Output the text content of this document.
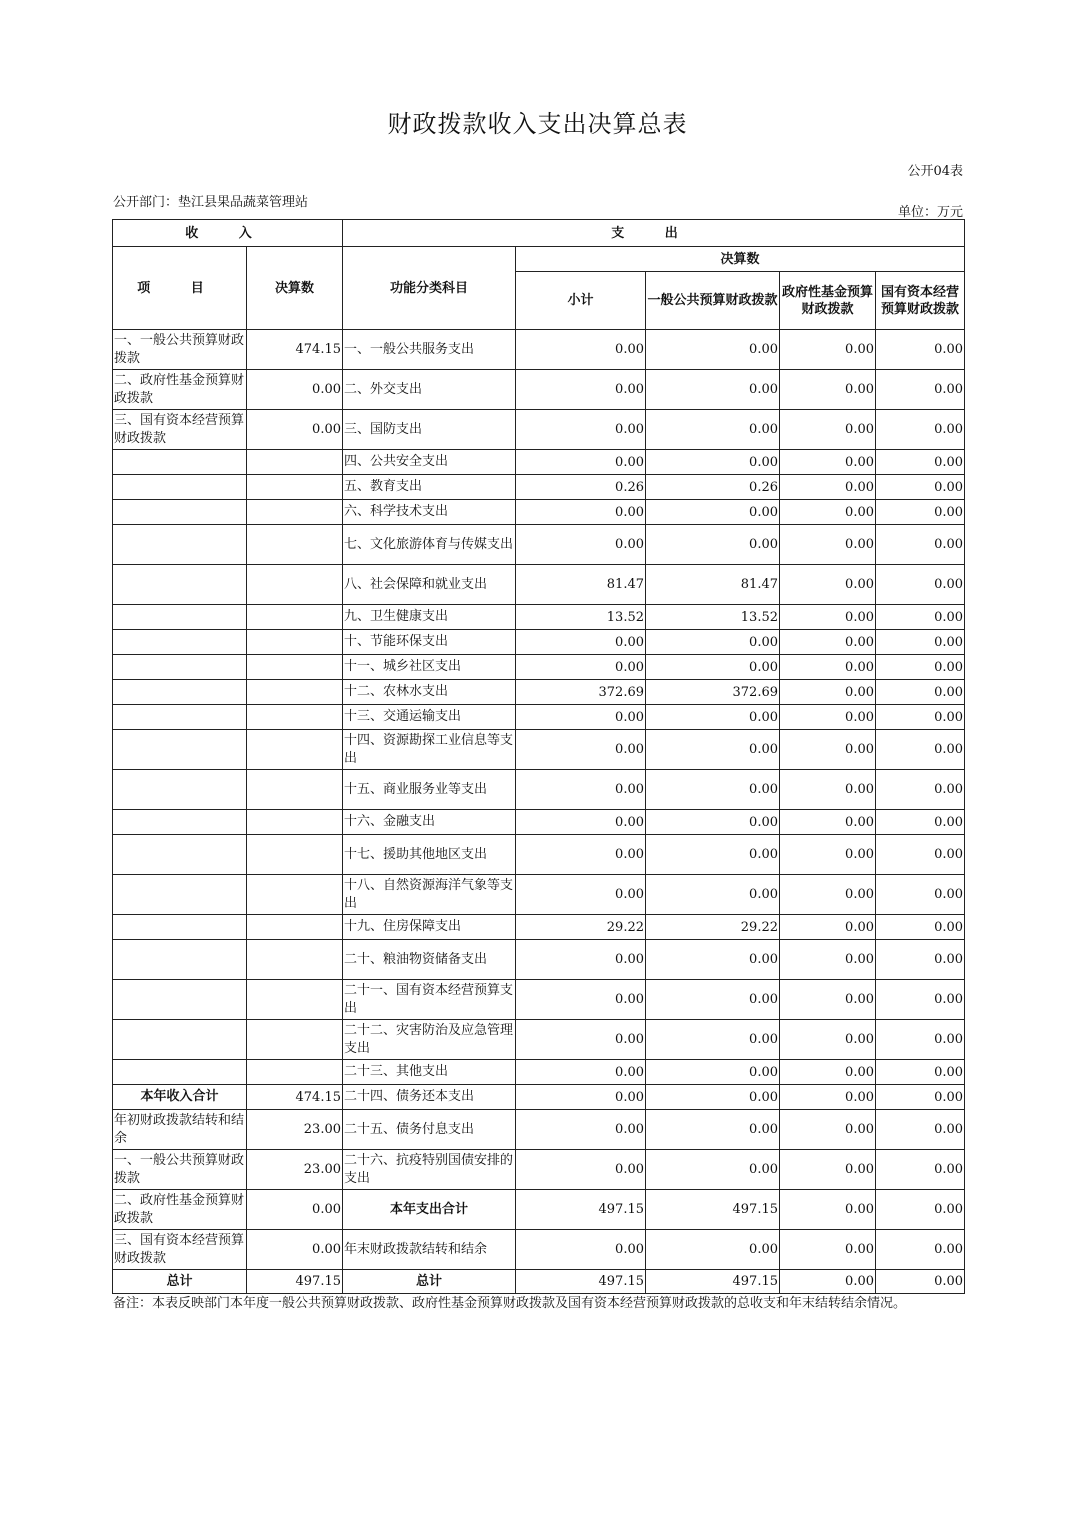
财政拨款收入支出决算总表
公开04表
公开部门：垫江县果品蔬菜管理站
单位：万元
收 入		支 出				
项 目	决算数	功能分类科目	决算数			
			小计	一般公共预算财政拨款	政府性基金预算财政拨款	国有资本经营预算财政拨款
一、一般公共预算财政拨款	474.15	一、一般公共服务支出	0.00	0.00	0.00	0.00
二、政府性基金预算财政拨款	0.00	二、外交支出	0.00	0.00	0.00	0.00
三、国有资本经营预算财政拨款	0.00	三、国防支出	0.00	0.00	0.00	0.00
		四、公共安全支出	0.00	0.00	0.00	0.00
		五、教育支出	0.26	0.26	0.00	0.00
		六、科学技术支出	0.00	0.00	0.00	0.00
		七、文化旅游体育与传媒支出	0.00	0.00	0.00	0.00
		八、社会保障和就业支出	81.47	81.47	0.00	0.00
		九、卫生健康支出	13.52	13.52	0.00	0.00
		十、节能环保支出	0.00	0.00	0.00	0.00
		十一、城乡社区支出	0.00	0.00	0.00	0.00
		十二、农林水支出	372.69	372.69	0.00	0.00
		十三、交通运输支出	0.00	0.00	0.00	0.00
		十四、资源勘探工业信息等支出	0.00	0.00	0.00	0.00
		十五、商业服务业等支出	0.00	0.00	0.00	0.00
		十六、金融支出	0.00	0.00	0.00	0.00
		十七、援助其他地区支出	0.00	0.00	0.00	0.00
		十八、自然资源海洋气象等支出	0.00	0.00	0.00	0.00
		十九、住房保障支出	29.22	29.22	0.00	0.00
		二十、粮油物资储备支出	0.00	0.00	0.00	0.00
		二十一、国有资本经营预算支出	0.00	0.00	0.00	0.00
		二十二、灾害防治及应急管理支出	0.00	0.00	0.00	0.00
		二十三、其他支出	0.00	0.00	0.00	0.00
本年收入合计	474.15	二十四、债务还本支出	0.00	0.00	0.00	0.00
年初财政拨款结转和结余	23.00	二十五、债务付息支出	0.00	0.00	0.00	0.00
一、一般公共预算财政拨款	23.00	二十六、抗疫特别国债安排的支出	0.00	0.00	0.00	0.00
二、政府性基金预算财政拨款	0.00	本年支出合计	497.15	497.15	0.00	0.00
三、国有资本经营预算财政拨款	0.00	年末财政拨款结转和结余	0.00	0.00	0.00	0.00
总计	497.15	总计	497.15	497.15	0.00	0.00
备注：本表反映部门本年度一般公共预算财政拨款、政府性基金预算财政拨款及国有资本经营预算财政拨款的总收支和年末结转结余情况。
